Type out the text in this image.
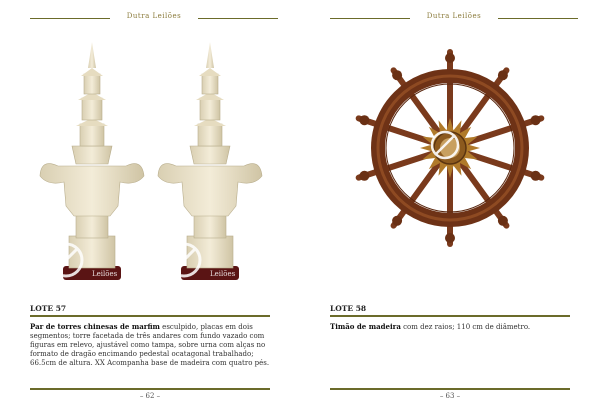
Dutra Leilões
Leilões	Leilões
LOTE 57
Par de torres chinesas de marfim esculpido, placas em dois segmentos; torre facetada de três andares com fundo vazado com figuras em relevo, ajustável como tampa, sobre urna com alças no formato de dragão encimando pedestal ocatagonal trabalhado; 66.5cm de altura. XX Acompanha base de madeira com quatro pés.
– 62 –
Dutra Leilões
LOTE 58
Timão de madeira com dez raios; 110 cm de diâmetro.
– 63 –
